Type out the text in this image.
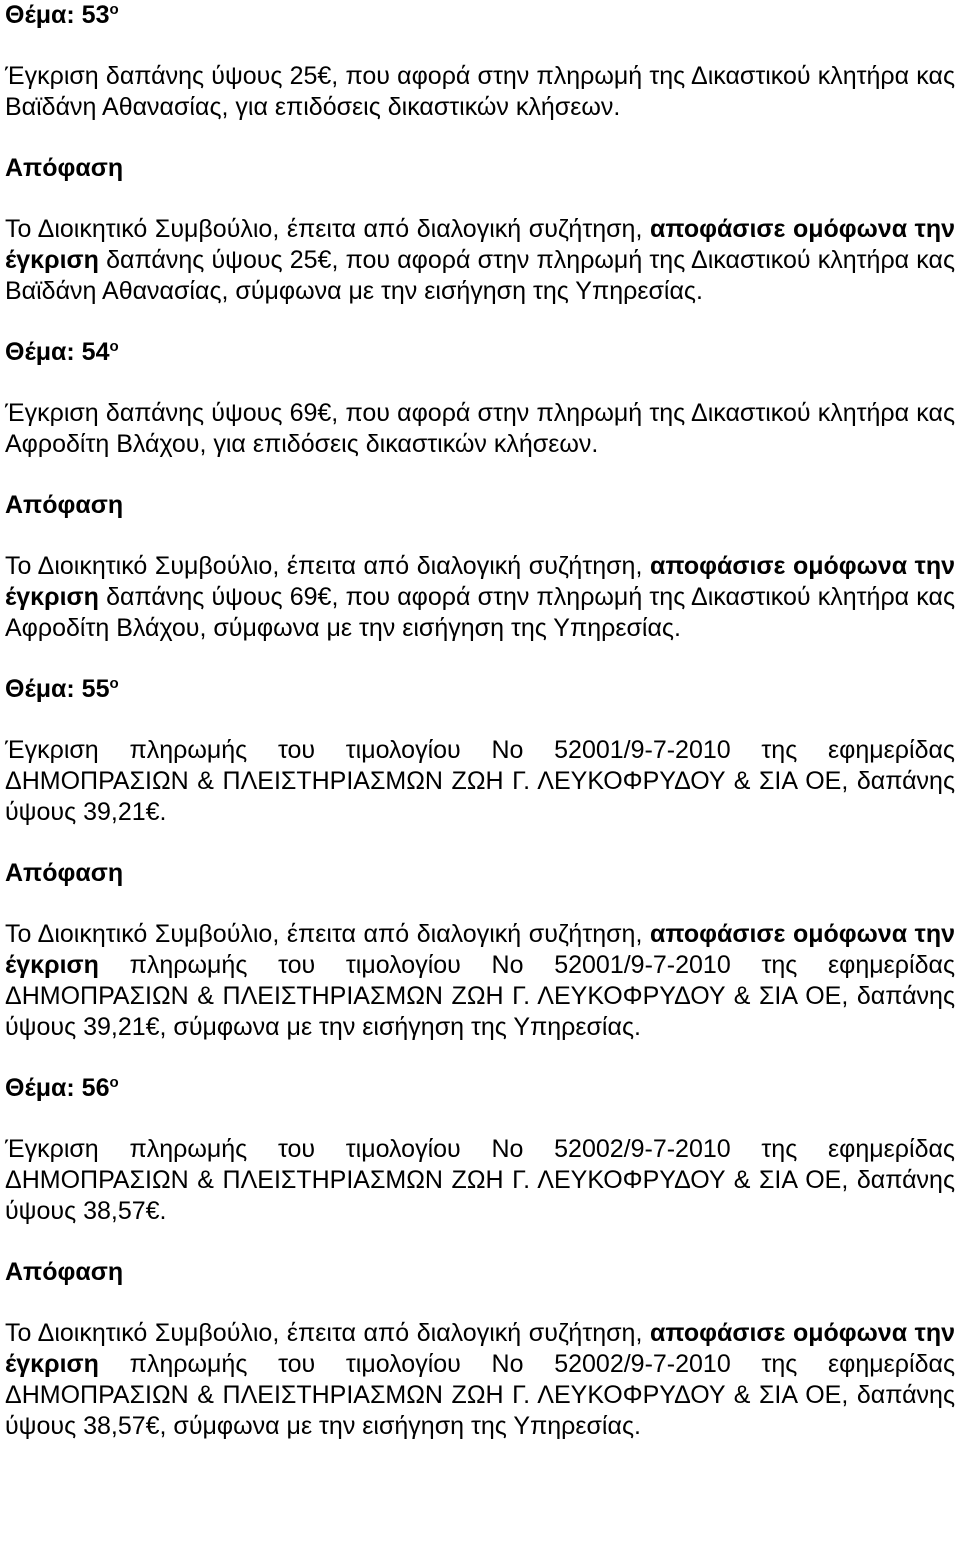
Θέμα: $53^o$

Έγκριση δαπάνης ύψους 25€, που αφορά στην πληρωμή της Δικαστικού κλητήρα κας Βαϊδάνη Αθανασίας, για επιδόσεις δικαστικών κλήσεων.

Απόφαση

Το Διοικητικό Συμβούλιο, έπειτα από διαλογική συζήτηση, αποφάσισε ομόφωνα την έγκριση δαπάνης ύψους 25€, που αφορά στην πληρωμή της Δικαστικού κλητήρα κας Βαϊδάνη Αθανασίας, σύμφωνα με την εισήγηση της Υπηρεσίας.

Θέμα: $54^o$

Έγκριση δαπάνης ύψους 69€, που αφορά στην πληρωμή της Δικαστικού κλητήρα κας Αφροδίτη Βλάχου, για επιδόσεις δικαστικών κλήσεων.

Απόφαση

Το Διοικητικό Συμβούλιο, έπειτα από διαλογική συζήτηση, αποφάσισε ομόφωνα την έγκριση δαπάνης ύψους 69€, που αφορά στην πληρωμή της Δικαστικού κλητήρα κας Αφροδίτη Βλάχου, σύμφωνα με την εισήγηση της Υπηρεσίας.

Θέμα: $55^o$

Έγκριση πληρωμής του τιμολογίου Νο 52001/9-7-2010 της εφημερίδας ΔΗΜΟΠΡΑΣΙΩΝ & ΠΛΕΙΣΤΗΡΙΑΣΜΩΝ ΖΩΗ Γ. ΛΕΥΚΟΦΡΥΔΟΥ & ΣΙΑ ΟΕ, δαπάνης ύψους 39,21€.

Απόφαση

Το Διοικητικό Συμβούλιο, έπειτα από διαλογική συζήτηση, αποφάσισε ομόφωνα την έγκριση πληρωμής του τιμολογίου Νο 52001/9-7-2010 της εφημερίδας ΔΗΜΟΠΡΑΣΙΩΝ & ΠΛΕΙΣΤΗΡΙΑΣΜΩΝ ΖΩΗ Γ. ΛΕΥΚΟΦΡΥΔΟΥ & ΣΙΑ ΟΕ, δαπάνης ύψους 39,21€, σύμφωνα με την εισήγηση της Υπηρεσίας.

Θέμα: $56^o$

Έγκριση πληρωμής του τιμολογίου Νο 52002/9-7-2010 της εφημερίδας ΔΗΜΟΠΡΑΣΙΩΝ & ΠΛΕΙΣΤΗΡΙΑΣΜΩΝ ΖΩΗ Γ. ΛΕΥΚΟΦΡΥΔΟΥ & ΣΙΑ ΟΕ, δαπάνης ύψους 38,57€.

Απόφαση

Το Διοικητικό Συμβούλιο, έπειτα από διαλογική συζήτηση, αποφάσισε ομόφωνα την έγκριση πληρωμής του τιμολογίου Νο 52002/9-7-2010 της εφημερίδας ΔΗΜΟΠΡΑΣΙΩΝ & ΠΛΕΙΣΤΗΡΙΑΣΜΩΝ ΖΩΗ Γ. ΛΕΥΚΟΦΡΥΔΟΥ & ΣΙΑ ΟΕ, δαπάνης ύψους 38,57€, σύμφωνα με την εισήγηση της Υπηρεσίας.
